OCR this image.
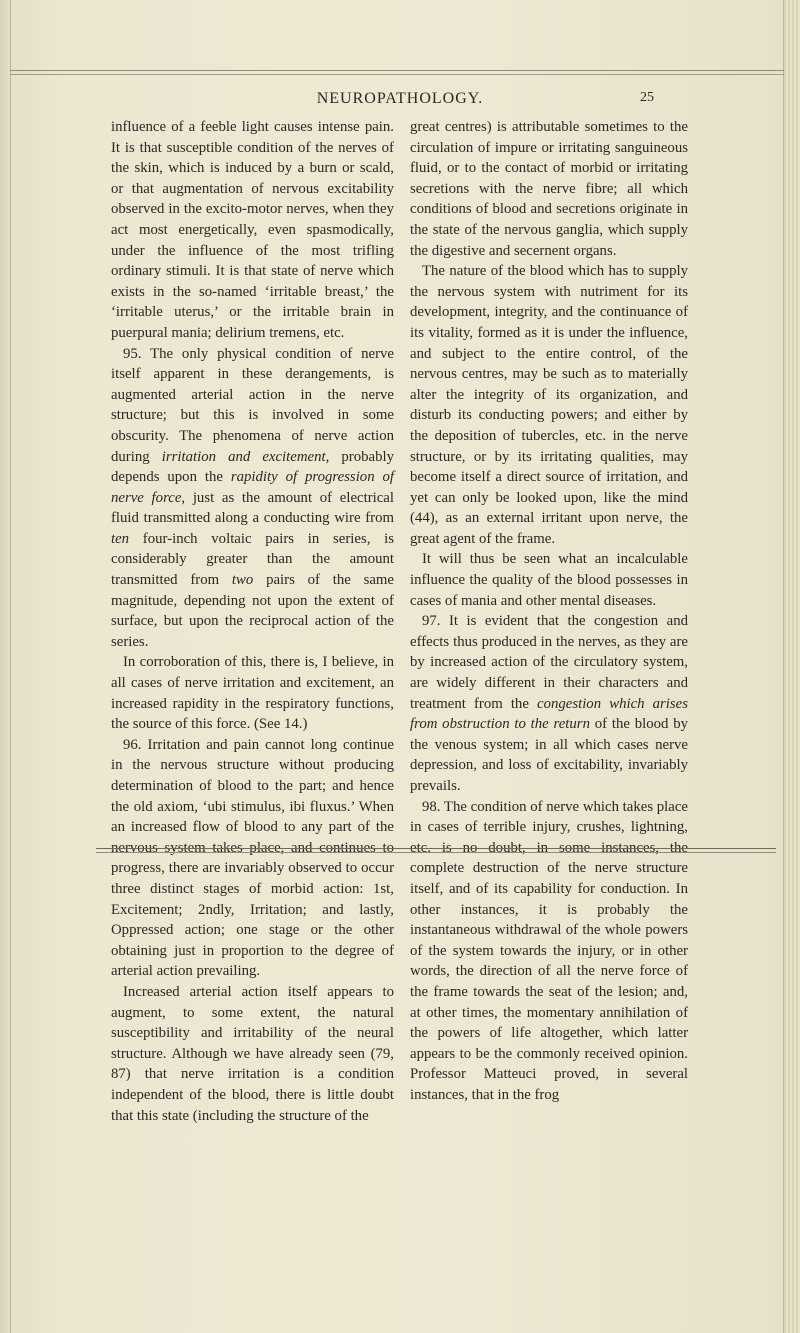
NEUROPATHOLOGY.	25

influence of a feeble light causes intense pain. It is that susceptible condition of the nerves of the skin, which is induced by a burn or scald, or that augmentation of nervous excitability observed in the excito-motor nerves, when they act most energetically, even spasmodically, under the influence of the most trifling ordinary stimuli. It is that state of nerve which exists in the so-named ‘irritable breast,’ the ‘irritable uterus,’ or the irritable brain in puerpural mania; delirium tremens, etc.

95. The only physical condition of nerve itself apparent in these derangements, is augmented arterial action in the nerve structure; but this is involved in some obscurity. The phenomena of nerve action during irritation and excitement, probably depends upon the rapidity of progression of nerve force, just as the amount of electrical fluid transmitted along a conducting wire from ten four-inch voltaic pairs in series, is considerably greater than the amount transmitted from two pairs of the same magnitude, depending not upon the extent of surface, but upon the reciprocal action of the series.

In corroboration of this, there is, I believe, in all cases of nerve irritation and excitement, an increased rapidity in the respiratory functions, the source of this force. (See 14.)

96. Irritation and pain cannot long continue in the nervous structure without producing determination of blood to the part; and hence the old axiom, ‘ubi stimulus, ibi fluxus.’ When an increased flow of blood to any part of the nervous system takes place, and continues to progress, there are invariably observed to occur three distinct stages of morbid action: 1st, Excitement; 2ndly, Irritation; and lastly, Oppressed action; one stage or the other obtaining just in proportion to the degree of arterial action prevailing.

Increased arterial action itself appears to augment, to some extent, the natural susceptibility and irritability of the neural structure. Although we have already seen (79, 87) that nerve irritation is a condition independent of the blood, there is little doubt that this state (including the structure of the

great centres) is attributable sometimes to the circulation of impure or irritating sanguineous fluid, or to the contact of morbid or irritating secretions with the nerve fibre; all which conditions of blood and secretions originate in the state of the nervous ganglia, which supply the digestive and secernent organs.

The nature of the blood which has to supply the nervous system with nutriment for its development, integrity, and the continuance of its vitality, formed as it is under the influence, and subject to the entire control, of the nervous centres, may be such as to materially alter the integrity of its organization, and disturb its conducting powers; and either by the deposition of tubercles, etc. in the nerve structure, or by its irritating qualities, may become itself a direct source of irritation, and yet can only be looked upon, like the mind (44), as an external irritant upon nerve, the great agent of the frame.

It will thus be seen what an incalculable influence the quality of the blood possesses in cases of mania and other mental diseases.

97. It is evident that the congestion and effects thus produced in the nerves, as they are by increased action of the circulatory system, are widely different in their characters and treatment from the congestion which arises from obstruction to the return of the blood by the venous system; in all which cases nerve depression, and loss of excitability, invariably prevails.

98. The condition of nerve which takes place in cases of terrible injury, crushes, lightning, etc. is no doubt, in some instances, the complete destruction of the nerve structure itself, and of its capability for conduction. In other instances, it is probably the instantaneous withdrawal of the whole powers of the system towards the injury, or in other words, the direction of all the nerve force of the frame towards the seat of the lesion; and, at other times, the momentary annihilation of the powers of life altogether, which latter appears to be the commonly received opinion. Professor Matteuci proved, in several instances, that in the frog
